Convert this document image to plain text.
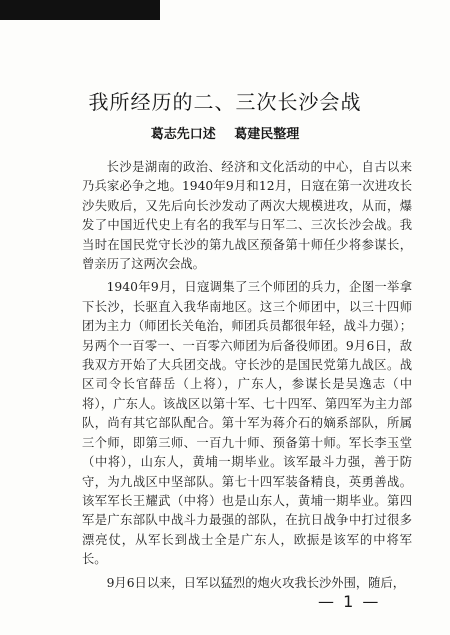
我所经历的二、三次长沙会战
葛志先口述 葛建民整理

长沙是湖南的政治、经济和文化活动的中心，自古以来乃兵家必争之地。1940年9月和12月，日寇在第一次进攻长沙失败后，又先后向长沙发动了两次大规模进攻，从而，爆发了中国近代史上有名的我军与日军二、三次长沙会战。我当时在国民党守长沙的第九战区预备第十师任少将参谋长，曾亲历了这两次会战。

1940年9月，日寇调集了三个师团的兵力，企图一举拿下长沙，长驱直入我华南地区。这三个师团中，以三十四师团为主力（师团长关龟治，师团兵员都很年轻，战斗力强）；另两个一百零一、一百零六师团为后备役师团。9月6日，敌我双方开始了大兵团交战。守长沙的是国民党第九战区。战区司令长官薛岳（上将），广东人，参谋长是吴逸志（中将），广东人。该战区以第十军、七十四军、第四军为主力部队，尚有其它部队配合。第十军为蒋介石的嫡系部队，所属三个师，即第三师、一百九十师、预备第十师。军长李玉堂（中将），山东人，黄埔一期毕业。该军最斗力强，善于防守，为九战区中坚部队。第七十四军装备精良，英勇善战。该军军长王耀武（中将）也是山东人，黄埔一期毕业。第四军是广东部队中战斗力最强的部队，在抗日战争中打过很多漂亮仗，从军长到战士全是广东人，欧振是该军的中将军长。

9月6日以来，日军以猛烈的炮火攻我长沙外围，随后，

— 1 —
